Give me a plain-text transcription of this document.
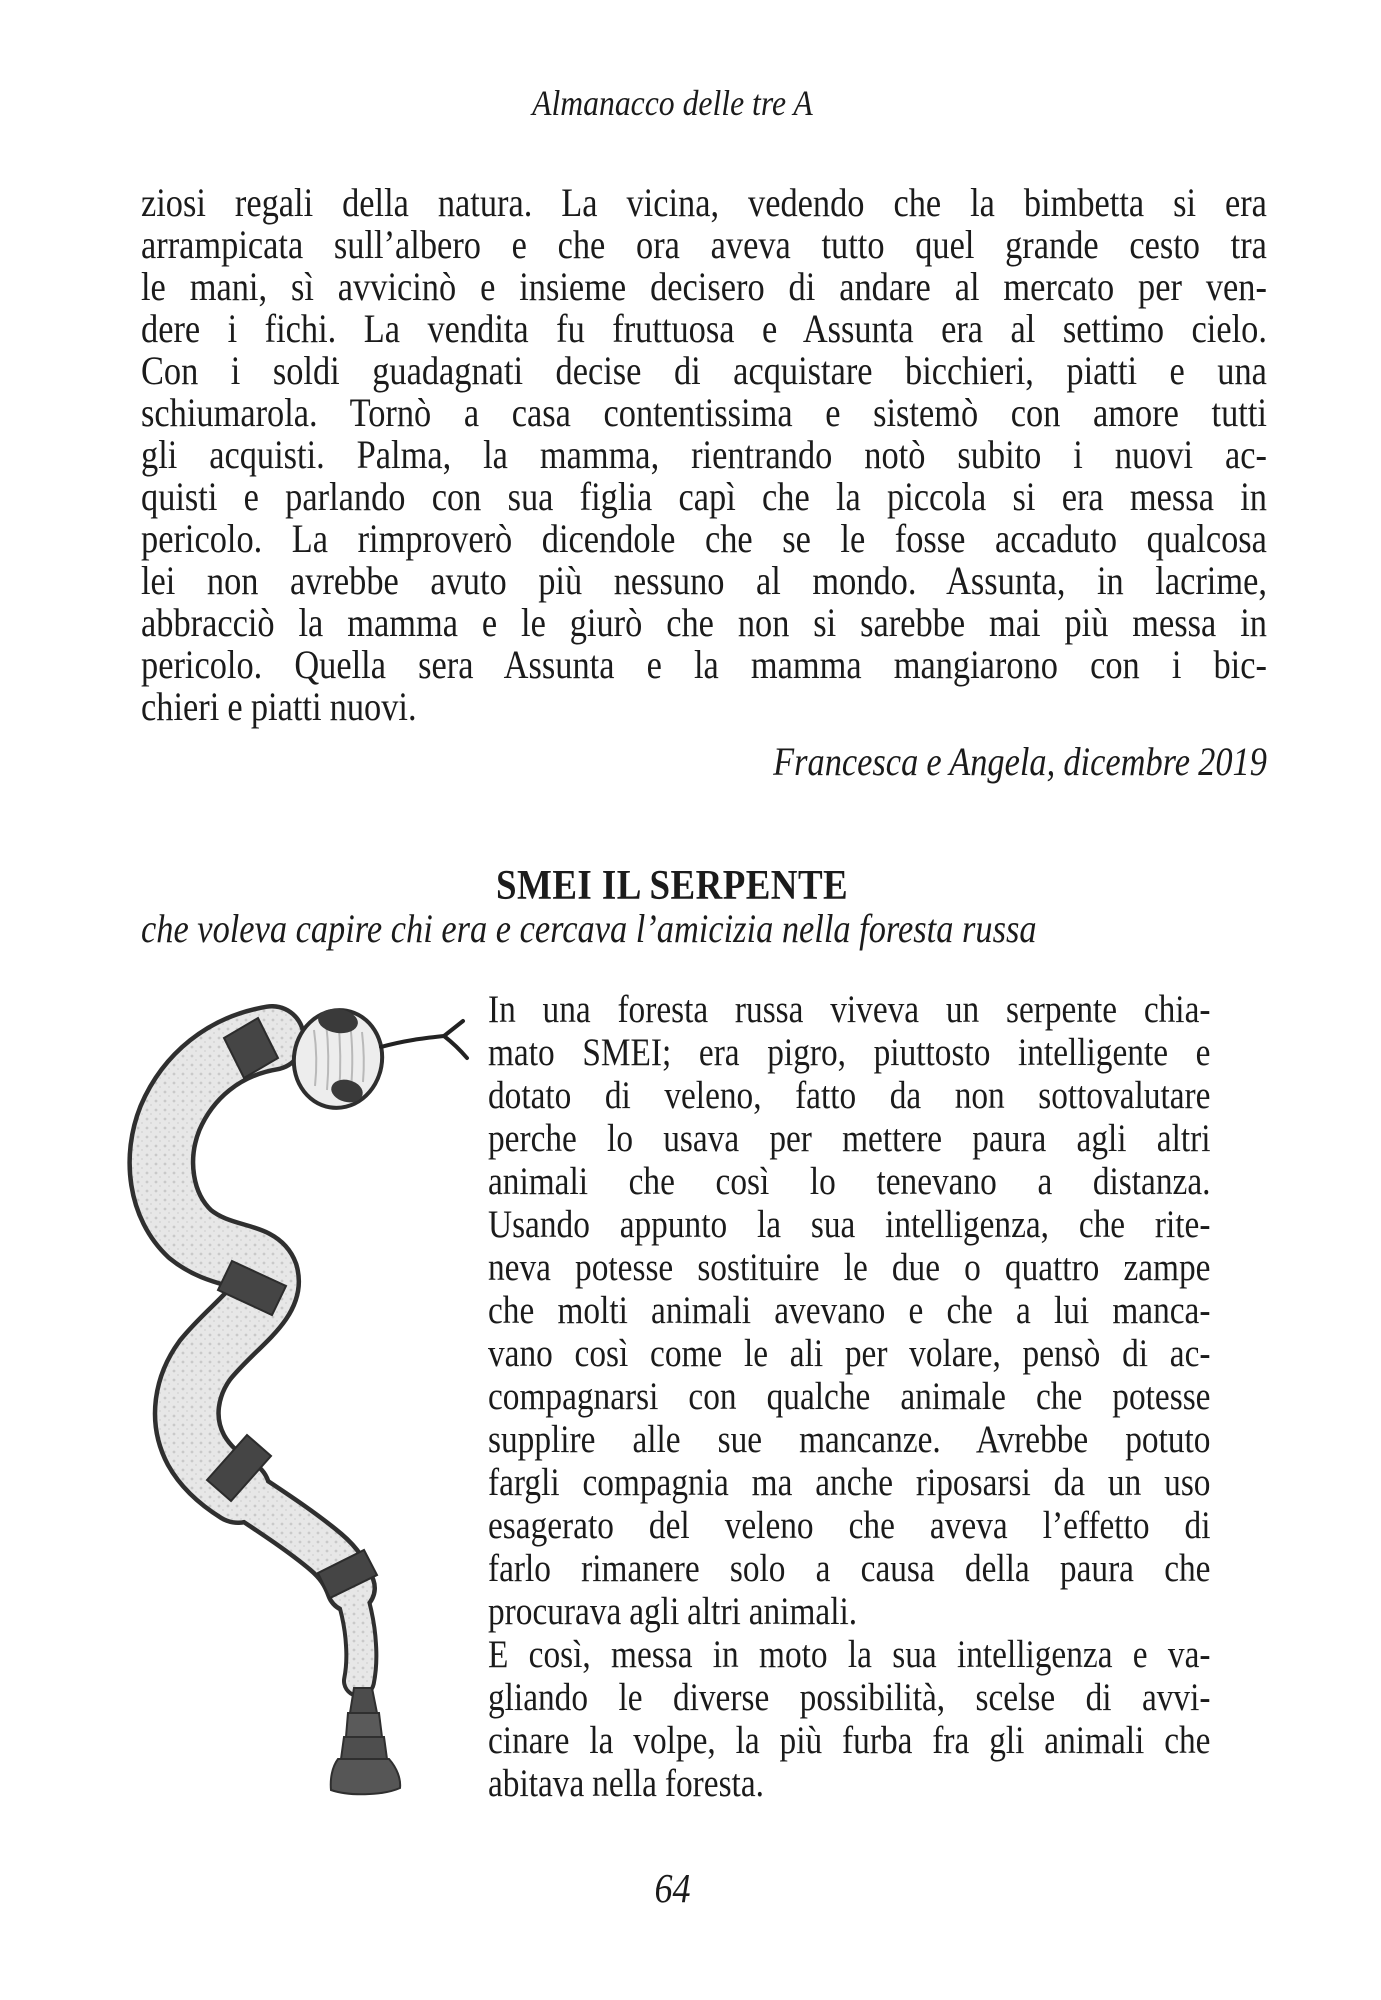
Almanacco delle tre A
ziosi regali della natura. La vicina, vedendo che la bimbetta si era
arrampicata sull’albero e che ora aveva tutto quel grande cesto tra
le mani, sì avvicinò e insieme decisero di andare al mercato per ven-
dere i fichi. La vendita fu fruttuosa e Assunta era al settimo cielo.
Con i soldi guadagnati decise di acquistare bicchieri, piatti e una
schiumarola. Tornò a casa contentissima e sistemò con amore tutti
gli acquisti. Palma, la mamma, rientrando notò subito i nuovi ac-
quisti e parlando con sua figlia capì che la piccola si era messa in
pericolo. La rimproverò dicendole che se le fosse accaduto qualcosa
lei non avrebbe avuto più nessuno al mondo. Assunta, in lacrime,
abbracciò la mamma e le giurò che non si sarebbe mai più messa in
pericolo. Quella sera Assunta e la mamma mangiarono con i bic-
chieri e piatti nuovi.
Francesca e Angela, dicembre 2019
SMEI IL SERPENTE
che voleva capire chi era e cercava l’amicizia nella foresta russa
In una foresta russa viveva un serpente chia-
mato SMEI; era pigro, piuttosto intelligente e
dotato di veleno, fatto da non sottovalutare
perche lo usava per mettere paura agli altri
animali che così lo tenevano a distanza.
Usando appunto la sua intelligenza, che rite-
neva potesse sostituire le due o quattro zampe
che molti animali avevano e che a lui manca-
vano così come le ali per volare, pensò di ac-
compagnarsi con qualche animale che potesse
supplire alle sue mancanze. Avrebbe potuto
fargli compagnia ma anche riposarsi da un uso
esagerato del veleno che aveva l’effetto di
farlo rimanere solo a causa della paura che
procurava agli altri animali.
E così, messa in moto la sua intelligenza e va-
gliando le diverse possibilità, scelse di avvi-
cinare la volpe, la più furba fra gli animali che
abitava nella foresta.
64
